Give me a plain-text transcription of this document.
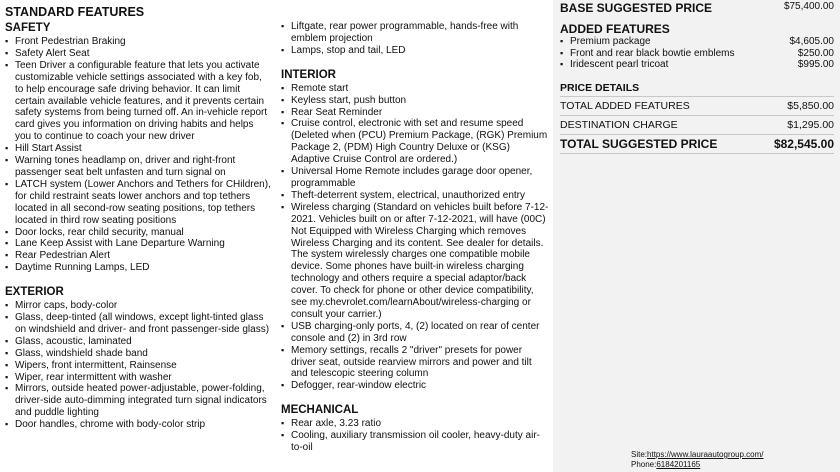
STANDARD FEATURES
SAFETY
▪ Front Pedestrian Braking
▪ Safety Alert Seat
▪ Teen Driver a configurable feature that lets you activate customizable vehicle settings associated with a key fob, to help encourage safe driving behavior. It can limit certain available vehicle features, and it prevents certain safety systems from being turned off. An in-vehicle report card gives you information on driving habits and helps you to continue to coach your new driver
▪ Hill Start Assist
▪ Warning tones headlamp on, driver and right-front passenger seat belt unfasten and turn signal on
▪ LATCH system (Lower Anchors and Tethers for CHildren), for child restraint seats lower anchors and top tethers located in all second-row seating positions, top tethers located in third row seating positions
▪ Door locks, rear child security, manual
▪ Lane Keep Assist with Lane Departure Warning
▪ Rear Pedestrian Alert
▪ Daytime Running Lamps, LED
EXTERIOR
▪ Mirror caps, body-color
▪ Glass, deep-tinted (all windows, except light-tinted glass on windshield and driver- and front passenger-side glass)
▪ Glass, acoustic, laminated
▪ Glass, windshield shade band
▪ Wipers, front intermittent, Rainsense
▪ Wiper, rear intermittent with washer
▪ Mirrors, outside heated power-adjustable, power-folding, driver-side auto-dimming integrated turn signal indicators and puddle lighting
▪ Door handles, chrome with body-color strip
▪ Liftgate, rear power programmable, hands-free with emblem projection
▪ Lamps, stop and tail, LED
INTERIOR
▪ Remote start
▪ Keyless start, push button
▪ Rear Seat Reminder
▪ Cruise control, electronic with set and resume speed (Deleted when (PCU) Premium Package, (RGK) Premium Package 2, (PDM) High Country Deluxe or (KSG) Adaptive Cruise Control are ordered.)
▪ Universal Home Remote includes garage door opener, programmable
▪ Theft-deterrent system, electrical, unauthorized entry
▪ Wireless charging (Standard on vehicles built before 7-12-2021. Vehicles built on or after 7-12-2021, will have (00C) Not Equipped with Wireless Charging which removes Wireless Charging and its content. See dealer for details. The system wirelessly charges one compatible mobile device. Some phones have built-in wireless charging technology and others require a special adaptor/back cover. To check for phone or other device compatibility, see my.chevrolet.com/learnAbout/wireless-charging or consult your carrier.)
▪ USB charging-only ports, 4, (2) located on rear of center console and (2) in 3rd row
▪ Memory settings, recalls 2 "driver" presets for power driver seat, outside rearview mirrors and power and tilt and telescopic steering column
▪ Defogger, rear-window electric
MECHANICAL
▪ Rear axle, 3.23 ratio
▪ Cooling, auxiliary transmission oil cooler, heavy-duty air-to-oil
BASE SUGGESTED PRICE	$75,400.00
ADDED FEATURES
▪ Premium package	$4,605.00
▪ Front and rear black bowtie emblems	$250.00
▪ Iridescent pearl tricoat	$995.00
PRICE DETAILS
TOTAL ADDED FEATURES	$5,850.00
DESTINATION CHARGE	$1,295.00
TOTAL SUGGESTED PRICE	$82,545.00
Site:https://www.lauraautogroup.com/
Phone:6184201165
